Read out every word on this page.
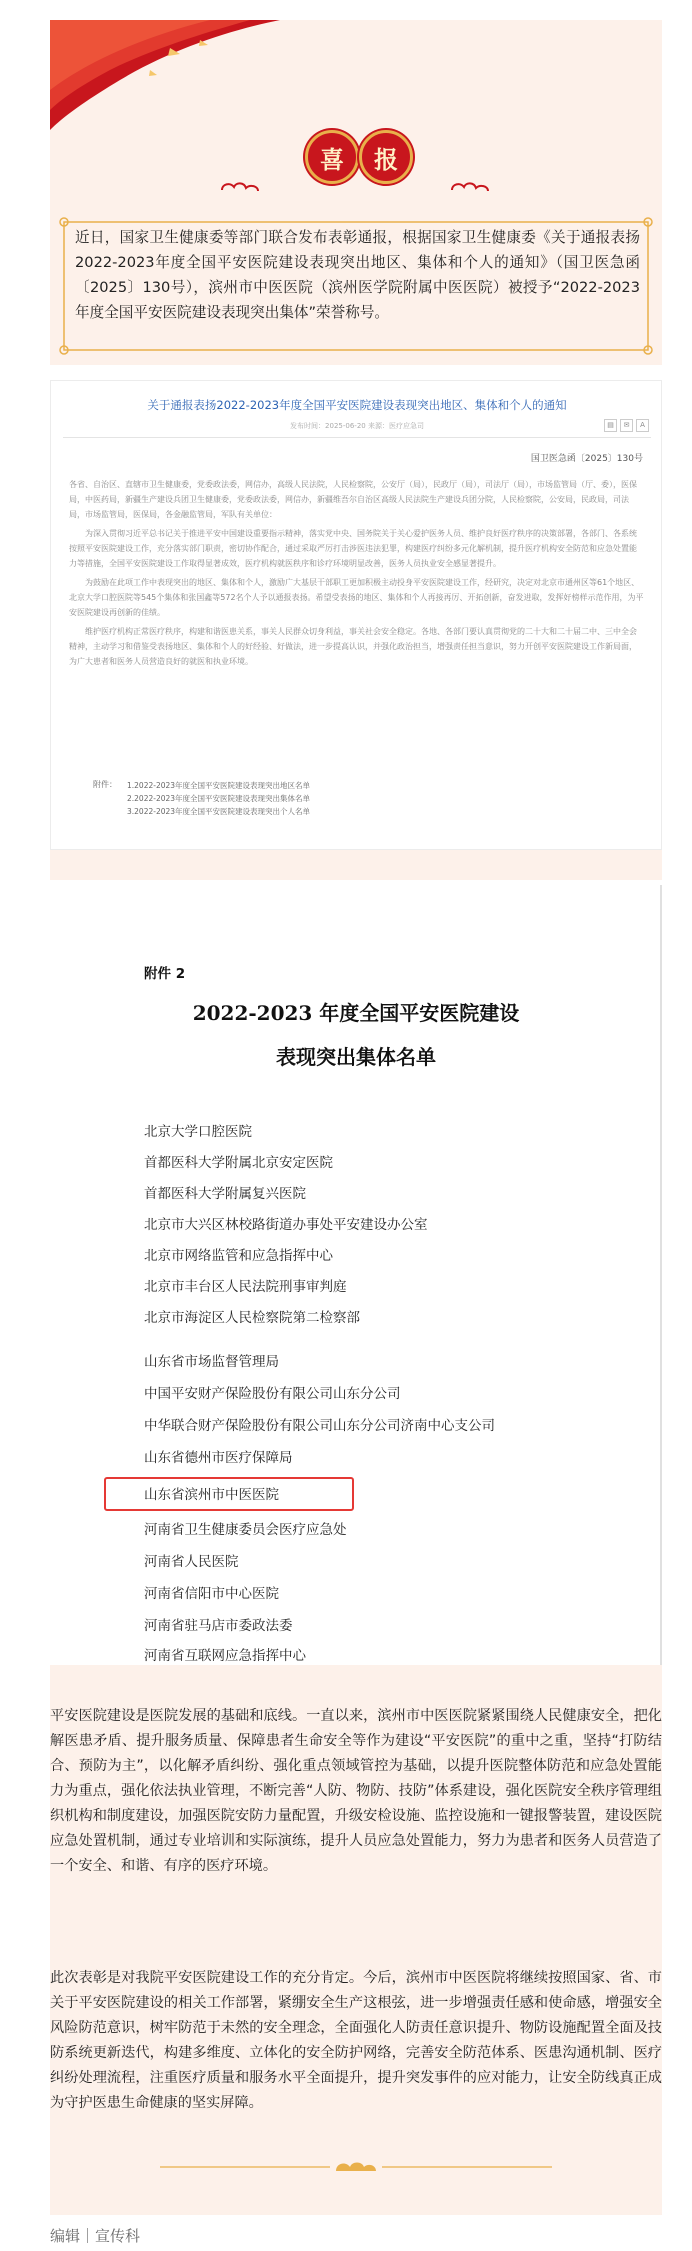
喜 报

近日，国家卫生健康委等部门联合发布表彰通报，根据国家卫生健康委《关于通报表扬2022-2023年度全国平安医院建设表现突出地区、集体和个人的通知》（国卫医急函〔2025〕130号），滨州市中医医院（滨州医学院附属中医医院）被授予“2022-2023年度全国平安医院建设表现突出集体”荣誉称号。

关于通报表扬2022-2023年度全国平安医院建设表现突出地区、集体和个人的通知
发布时间：2025-06-20 来源：医疗应急司	▤ ✉ A
国卫医急函〔2025〕130号

各省、自治区、直辖市卫生健康委，党委政法委，网信办，高级人民法院，人民检察院，公安厅（局），民政厅（局），司法厅（局），市场监管局（厅、委），医保局，中医药局，新疆生产建设兵团卫生健康委，党委政法委，网信办，新疆维吾尔自治区高级人民法院生产建设兵团分院，人民检察院，公安局，民政局，司法局，市场监管局，医保局，各金融监管局，军队有关单位：

为深入贯彻习近平总书记关于推进平安中国建设重要指示精神，落实党中央、国务院关于关心爱护医务人员、维护良好医疗秩序的决策部署，各部门、各系统按照平安医院建设工作，充分落实部门职责，密切协作配合，通过采取严厉打击涉医违法犯罪，构建医疗纠纷多元化解机制，提升医疗机构安全防范和应急处置能力等措施，全国平安医院建设工作取得显著成效，医疗机构就医秩序和诊疗环境明显改善，医务人员执业安全感显著提升。

为鼓励在此项工作中表现突出的地区、集体和个人，激励广大基层干部职工更加积极主动投身平安医院建设工作，经研究，决定对北京市通州区等61个地区、北京大学口腔医院等545个集体和张国鑫等572名个人予以通报表扬。希望受表扬的地区、集体和个人再接再厉、开拓创新，奋发进取，发挥好榜样示范作用，为平安医院建设再创新的佳绩。

维护医疗机构正常医疗秩序，构建和谐医患关系，事关人民群众切身利益，事关社会安全稳定。各地、各部门要认真贯彻党的二十大和二十届二中、三中全会精神，主动学习和借鉴受表扬地区、集体和个人的好经验、好做法，进一步提高认识，并强化政治担当，增强责任担当意识，努力开创平安医院建设工作新局面，为广大患者和医务人员营造良好的就医和执业环境。

附件： 1.2022-2023年度全国平安医院建设表现突出地区名单
2.2022-2023年度全国平安医院建设表现突出集体名单
3.2022-2023年度全国平安医院建设表现突出个人名单
附件 2
2022-2023 年度全国平安医院建设
表现突出集体名单
北京大学口腔医院
首都医科大学附属北京安定医院
首都医科大学附属复兴医院
北京市大兴区林校路街道办事处平安建设办公室
北京市网络监管和应急指挥中心
北京市丰台区人民法院刑事审判庭
北京市海淀区人民检察院第二检察部
山东省市场监督管理局
中国平安财产保险股份有限公司山东分公司
中华联合财产保险股份有限公司山东分公司济南中心支公司
山东省德州市医疗保障局
山东省滨州市中医医院
河南省卫生健康委员会医疗应急处
河南省人民医院
河南省信阳市中心医院
河南省驻马店市委政法委
河南省互联网应急指挥中心

平安医院建设是医院发展的基础和底线。一直以来，滨州市中医医院紧紧围绕人民健康安全，把化解医患矛盾、提升服务质量、保障患者生命安全等作为建设“平安医院”的重中之重，坚持“打防结合、预防为主”，以化解矛盾纠纷、强化重点领域管控为基础，以提升医院整体防范和应急处置能力为重点，强化依法执业管理，不断完善“人防、物防、技防”体系建设，强化医院安全秩序管理组织机构和制度建设，加强医院安防力量配置，升级安检设施、监控设施和一键报警装置，建设医院应急处置机制，通过专业培训和实际演练，提升人员应急处置能力，努力为患者和医务人员营造了一个安全、和谐、有序的医疗环境。

此次表彰是对我院平安医院建设工作的充分肯定。今后，滨州市中医医院将继续按照国家、省、市关于平安医院建设的相关工作部署，紧绷安全生产这根弦，进一步增强责任感和使命感，增强安全风险防范意识，树牢防范于未然的安全理念，全面强化人防责任意识提升、物防设施配置全面及技防系统更新迭代，构建多维度、立体化的安全防护网络，完善安全防范体系、医患沟通机制、医疗纠纷处理流程，注重医疗质量和服务水平全面提升，提升突发事件的应对能力，让安全防线真正成为守护医患生命健康的坚实屏障。

编辑｜宣传科
